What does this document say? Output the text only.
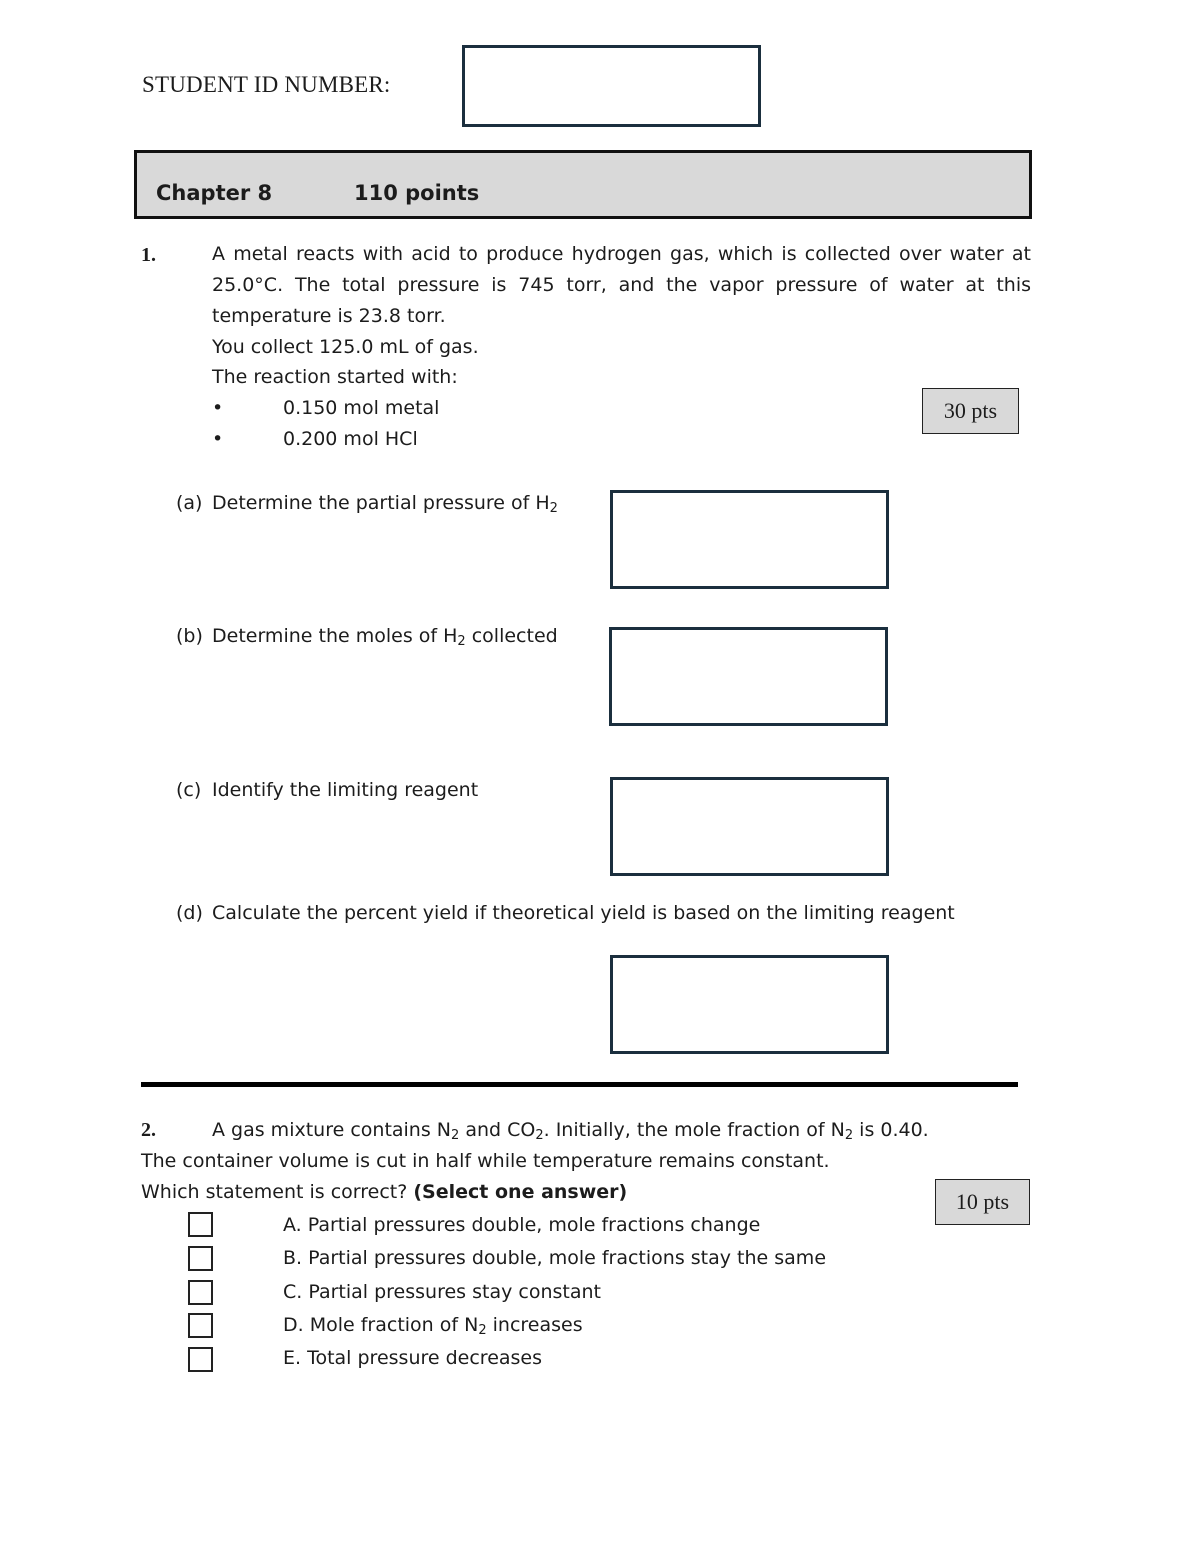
STUDENT ID NUMBER:
Chapter 8	110 points
1.	A metal reacts with acid to produce hydrogen gas, which is collected over water at
25.0°C. The total pressure is 745 torr, and the vapor pressure of water at this
temperature is 23.8 torr.
You collect 125.0 mL of gas.
The reaction started with:
•	0.150 mol metal
•	0.200 mol HCl
30 pts
(a) Determine the partial pressure of $H_2$
(b) Determine the moles of $H_2$ collected
(c) Identify the limiting reagent
(d) Calculate the percent yield if theoretical yield is based on the limiting reagent
2.	A gas mixture contains $N_2$ and $CO_2$. Initially, the mole fraction of $N_2$ is 0.40.
The container volume is cut in half while temperature remains constant.
Which statement is correct? (Select one answer)	10 pts
A. Partial pressures double, mole fractions change
B. Partial pressures double, mole fractions stay the same
C. Partial pressures stay constant
D. Mole fraction of $N_2$ increases
E. Total pressure decreases
